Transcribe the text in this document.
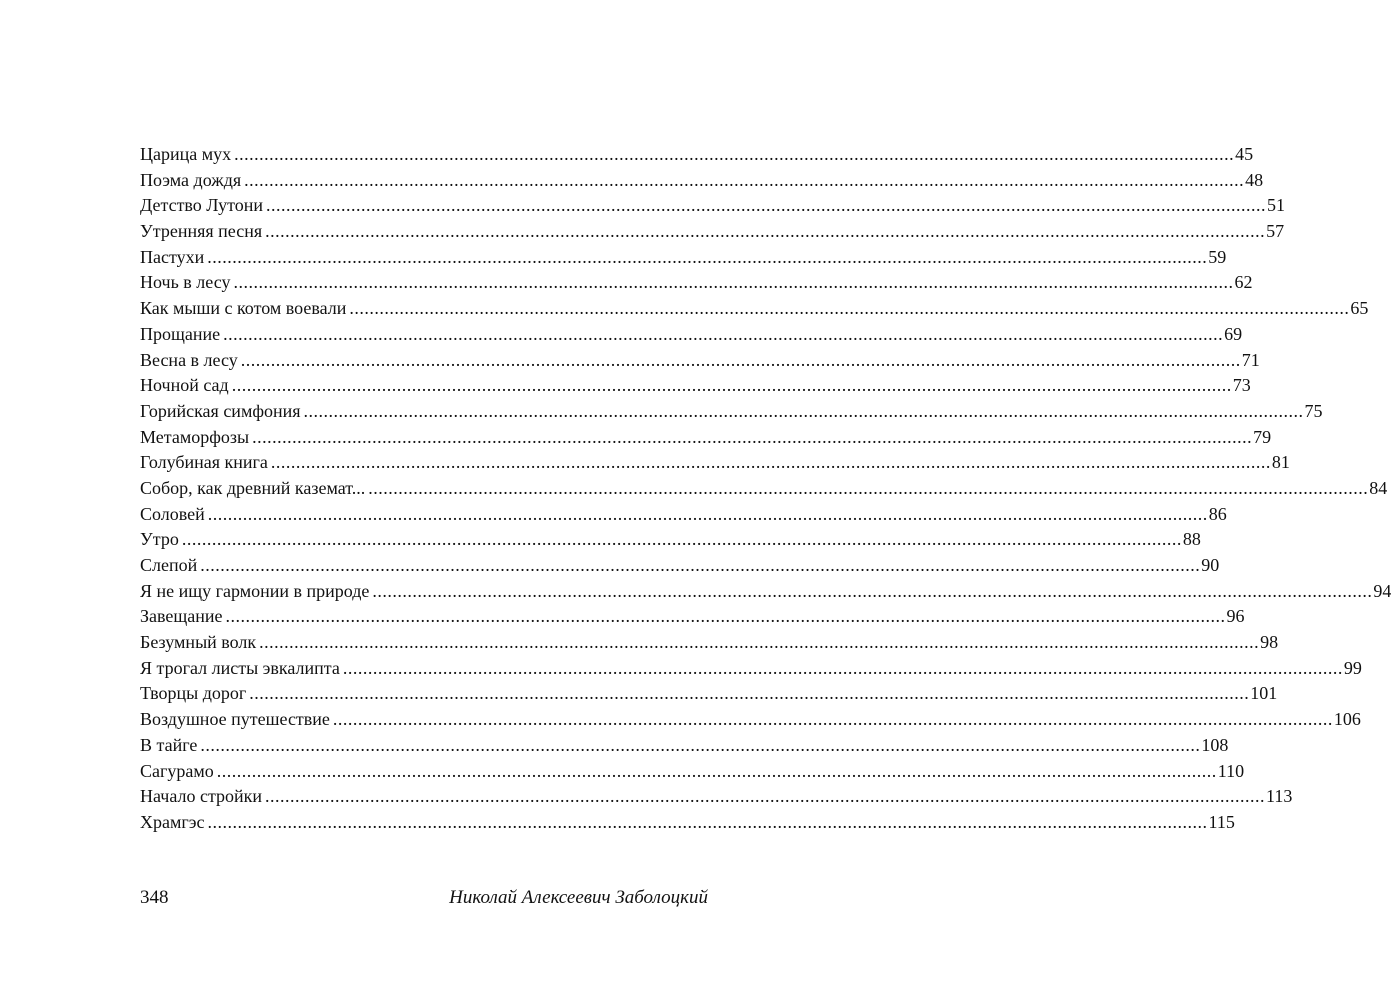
Царица мух ........................................................................................................................................................................................................ 45
Поэма дождя ........................................................................................................................................................................................................ 48
Детство Лутони ........................................................................................................................................................................................................ 51
Утренняя песня ........................................................................................................................................................................................................ 57
Пастухи ........................................................................................................................................................................................................ 59
Ночь в лесу ........................................................................................................................................................................................................ 62
Как мыши с котом воевали ........................................................................................................................................................................................................ 65
Прощание ........................................................................................................................................................................................................ 69
Весна в лесу ........................................................................................................................................................................................................ 71
Ночной сад ........................................................................................................................................................................................................ 73
Горийская симфония ........................................................................................................................................................................................................ 75
Метаморфозы ........................................................................................................................................................................................................ 79
Голубиная книга ........................................................................................................................................................................................................ 81
Собор, как древний каземат... ........................................................................................................................................................................................................ 84
Соловей ........................................................................................................................................................................................................ 86
Утро ........................................................................................................................................................................................................ 88
Слепой ........................................................................................................................................................................................................ 90
Я не ищу гармонии в природе ........................................................................................................................................................................................................ 94
Завещание ........................................................................................................................................................................................................ 96
Безумный волк ........................................................................................................................................................................................................ 98
Я трогал листы эвкалипта ........................................................................................................................................................................................................ 99
Творцы дорог ........................................................................................................................................................................................................ 101
Воздушное путешествие ........................................................................................................................................................................................................ 106
В тайге ........................................................................................................................................................................................................ 108
Сагурамо ........................................................................................................................................................................................................ 110
Начало стройки ........................................................................................................................................................................................................ 113
Храмгэс ........................................................................................................................................................................................................ 115
348	Николай Алексеевич Заболоцкий
